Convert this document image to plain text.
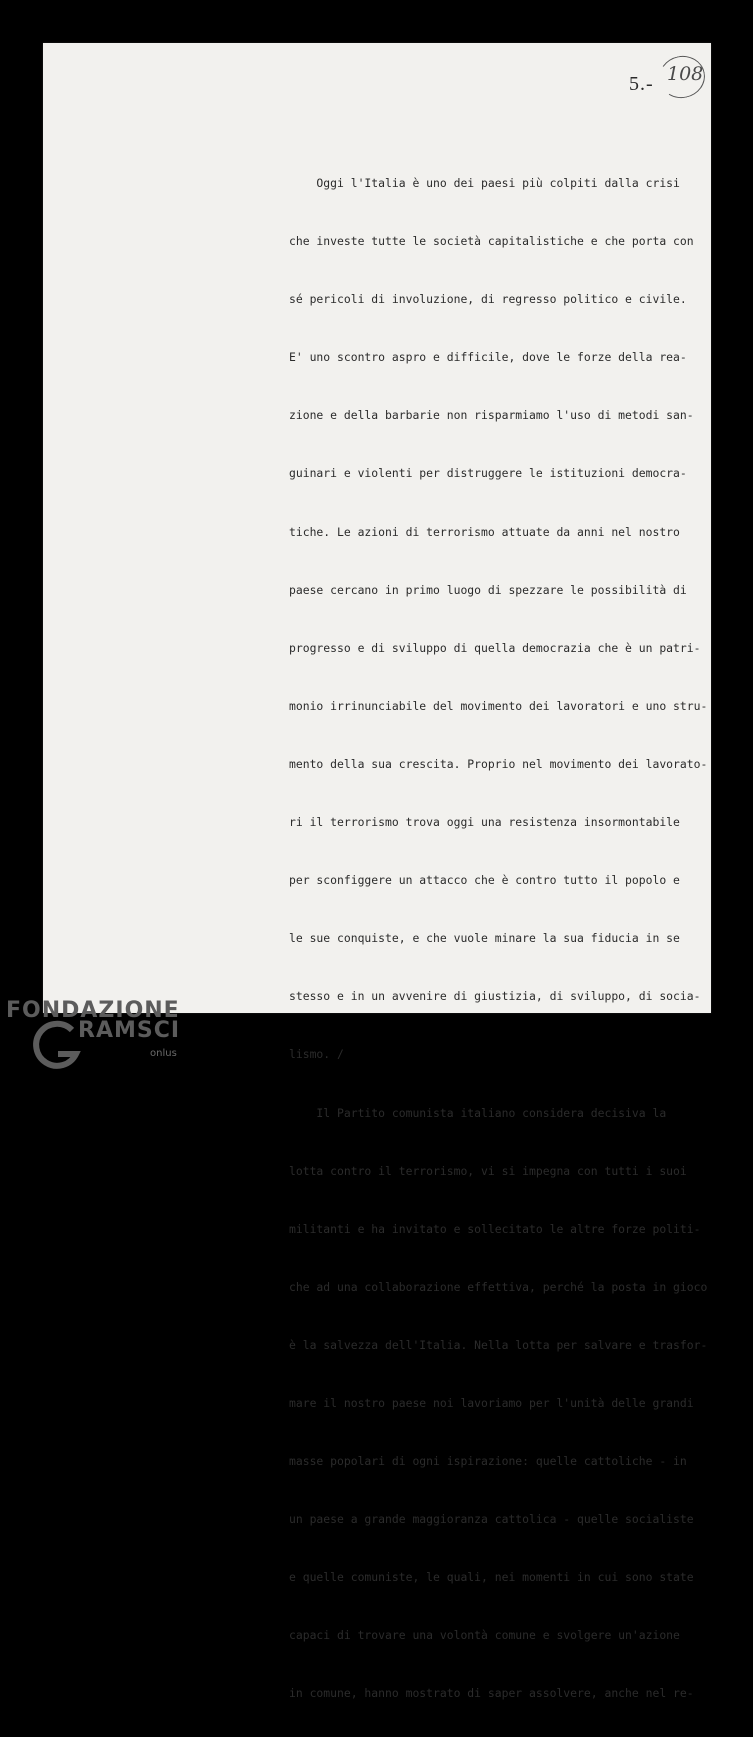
5.- 108

Oggi l'Italia è uno dei paesi più colpiti dalla crisi

che investe tutte le società capitalistiche e che porta con

sé pericoli di involuzione, di regresso politico e civile.

E' uno scontro aspro e difficile, dove le forze della rea-

zione e della barbarie non risparmiamo l'uso di metodi san-

guinari e violenti per distruggere le istituzioni democra-

tiche. Le azioni di terrorismo attuate da anni nel nostro

paese cercano in primo luogo di spezzare le possibilità di

progresso e di sviluppo di quella democrazia che è un patri-

monio irrinunciabile del movimento dei lavoratori e uno stru-

mento della sua crescita. Proprio nel movimento dei lavorato-

ri il terrorismo trova oggi una resistenza insormontabile

per sconfiggere un attacco che è contro tutto il popolo e

le sue conquiste, e che vuole minare la sua fiducia in se

stesso e in un avvenire di giustizia, di sviluppo, di socia-

lismo. /

Il Partito comunista italiano considera decisiva la

lotta contro il terrorismo, vi si impegna con tutti i suoi

militanti e ha invitato e sollecitato le altre forze politi-

che ad una collaborazione effettiva, perché la posta in gioco

è la salvezza dell'Italia. Nella lotta per salvare e trasfor-

mare il nostro paese noi lavoriamo per l'unità delle grandi

masse popolari di ogni ispirazione: quelle cattoliche - in

un paese a grande maggioranza cattolica - quelle socialiste

e quelle comuniste, le quali, nei momenti in cui sono state

capaci di trovare una volontà comune e svolgere un'azione

in comune, hanno mostrato di saper assolvere, anche nel re-

FONDAZIONE
RAMSCI
onlus
